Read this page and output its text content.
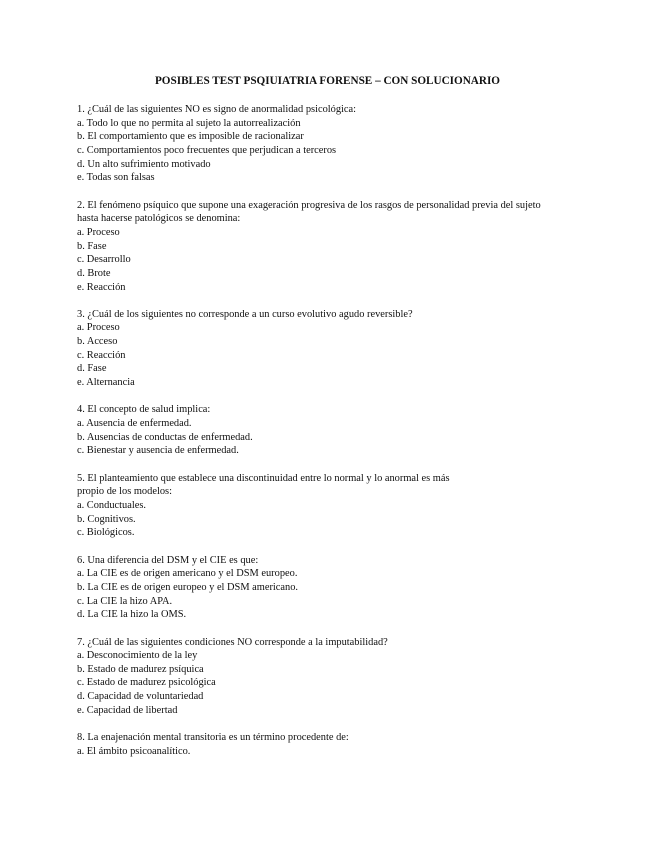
POSIBLES TEST PSQIUIATRIA FORENSE – CON SOLUCIONARIO
1. ¿Cuál de las siguientes NO es signo de anormalidad psicológica:
a. Todo lo que no permita al sujeto la autorrealización
b. El comportamiento que es imposible de racionalizar
c. Comportamientos poco frecuentes que perjudican a terceros
d. Un alto sufrimiento motivado
e. Todas son falsas
2. El fenómeno psíquico que supone una exageración progresiva de los rasgos de personalidad previa del sujeto
hasta hacerse patológicos se denomina:
a. Proceso
b. Fase
c. Desarrollo
d. Brote
e. Reacción
3. ¿Cuál de los siguientes no corresponde a un curso evolutivo agudo reversible?
a. Proceso
b. Acceso
c. Reacción
d. Fase
e. Alternancia
4. El concepto de salud implica:
a. Ausencia de enfermedad.
b. Ausencias de conductas de enfermedad.
c. Bienestar y ausencia de enfermedad.
5. El planteamiento que establece una discontinuidad entre lo normal y lo anormal es más
propio de los modelos:
a. Conductuales.
b. Cognitivos.
c. Biológicos.
6. Una diferencia del DSM y el CIE es que:
a. La CIE es de origen americano y el DSM europeo.
b. La CIE es de origen europeo y el DSM americano.
c. La CIE la hizo APA.
d. La CIE la hizo la OMS.
7. ¿Cuál de las siguientes condiciones NO corresponde a la imputabilidad?
a. Desconocimiento de la ley
b. Estado de madurez psíquica
c. Estado de madurez psicológica
d. Capacidad de voluntariedad
e. Capacidad de libertad
8. La enajenación mental transitoria es un término procedente de:
a. El ámbito psicoanalítico.
